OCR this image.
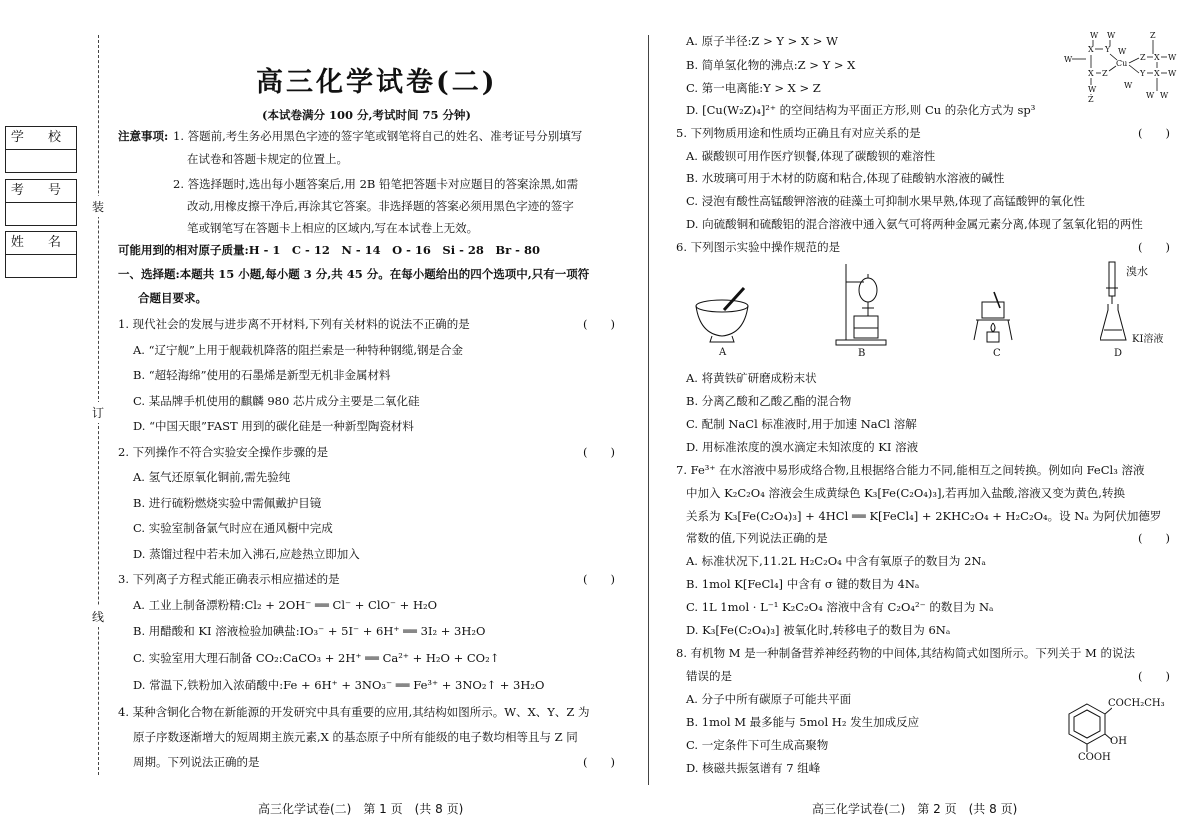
学 校
考 号
姓 名
装
订
线
高三化学试卷(二)
(本试卷满分 100 分,考试时间 75 分钟)
注意事项: 1. 答题前,考生务必用黑色字迹的签字笔或钢笔将自己的姓名、准考证号分别填写
在试卷和答题卡规定的位置上。
2. 答选择题时,选出每小题答案后,用 2B 铅笔把答题卡对应题目的答案涂黑,如需
改动,用橡皮擦干净后,再涂其它答案。非选择题的答案必须用黑色字迹的签字
笔或钢笔写在答题卡上相应的区域内,写在本试卷上无效。
可能用到的相对原子质量:H - 1　C - 12　N - 14　O - 16　Si - 28　Br - 80
一、选择题:本题共 15 小题,每小题 3 分,共 45 分。在每小题给出的四个选项中,只有一项符
合题目要求。
1. 现代社会的发展与进步离不开材料,下列有关材料的说法不正确的是	(　　)
A. “辽宁舰”上用于舰载机降落的阻拦索是一种特种钢缆,钢是合金
B. “超轻海绵”使用的石墨烯是新型无机非金属材料
C. 某品牌手机使用的麒麟 980 芯片成分主要是二氧化硅
D. “中国天眼”FAST 用到的碳化硅是一种新型陶瓷材料
2. 下列操作不符合实验安全操作步骤的是	(　　)
A. 氢气还原氧化铜前,需先验纯
B. 进行硫粉燃烧实验中需佩戴护目镜
C. 实验室制备氯气时应在通风橱中完成
D. 蒸馏过程中若未加入沸石,应趁热立即加入
3. 下列离子方程式能正确表示相应描述的是	(　　)
A. 工业上制备漂粉精:Cl₂ + 2OH⁻ ══ Cl⁻ + ClO⁻ + H₂O
B. 用醋酸和 KI 溶液检验加碘盐:IO₃⁻ + 5I⁻ + 6H⁺ ══ 3I₂ + 3H₂O
C. 实验室用大理石制备 CO₂:CaCO₃ + 2H⁺ ══ Ca²⁺ + H₂O + CO₂↑
D. 常温下,铁粉加入浓硝酸中:Fe + 6H⁺ + 3NO₃⁻ ══ Fe³⁺ + 3NO₂↑ + 3H₂O
4. 某种含铜化合物在新能源的开发研究中具有重要的应用,其结构如图所示。W、X、Y、Z 为
原子序数逐渐增大的短周期主族元素,X 的基态原子中所有能级的电子数均相等且与 Z 同
周期。下列说法正确的是	(　　)
高三化学试卷(二)　第 1 页　(共 8 页)
A. 原子半径:Z > Y > X > W
B. 简单氢化物的沸点:Z > Y > X
C. 第一电离能:Y > X > Z
D. [Cu(W₂Z)₄]²⁺ 的空间结构为平面正方形,则 Cu 的杂化方式为 sp³
W W	Z
W
X Y W
X Z
Cu
Z X W
Y X W
W	W
W W
Z
5. 下列物质用途和性质均正确且有对应关系的是	(　　)
A. 碳酸钡可用作医疗钡餐,体现了碳酸钡的难溶性
B. 水玻璃可用于木材的防腐和粘合,体现了硅酸钠水溶液的碱性
C. 浸泡有酸性高锰酸钾溶液的硅藻土可抑制水果早熟,体现了高锰酸钾的氧化性
D. 向硫酸铜和硫酸铝的混合溶液中通入氨气可将两种金属元素分离,体现了氢氧化铝的两性
6. 下列图示实验中操作规范的是	(　　)
A	B	C
溴水
KI溶液
D
A. 将黄铁矿研磨成粉末状
B. 分离乙酸和乙酸乙酯的混合物
C. 配制 NaCl 标准液时,用于加速 NaCl 溶解
D. 用标准浓度的溴水滴定未知浓度的 KI 溶液
7. Fe³⁺ 在水溶液中易形成络合物,且根据络合能力不同,能相互之间转换。例如向 FeCl₃ 溶液
中加入 K₂C₂O₄ 溶液会生成黄绿色 K₃[Fe(C₂O₄)₃],若再加入盐酸,溶液又变为黄色,转换
关系为 K₃[Fe(C₂O₄)₃] + 4HCl ══ K[FeCl₄] + 2KHC₂O₄ + H₂C₂O₄。设 Nₐ 为阿伏加德罗
常数的值,下列说法正确的是	(　　)
A. 标准状况下,11.2L H₂C₂O₄ 中含有氧原子的数目为 2Nₐ
B. 1mol K[FeCl₄] 中含有 σ 键的数目为 4Nₐ
C. 1L 1mol · L⁻¹ K₂C₂O₄ 溶液中含有 C₂O₄²⁻ 的数目为 Nₐ
D. K₃[Fe(C₂O₄)₃] 被氧化时,转移电子的数目为 6Nₐ
8. 有机物 M 是一种制备营养神经药物的中间体,其结构简式如图所示。下列关于 M 的说法
错误的是	(　　)
A. 分子中所有碳原子可能共平面
B. 1mol M 最多能与 5mol H₂ 发生加成反应
C. 一定条件下可生成高聚物
D. 核磁共振氢谱有 7 组峰
COCH₂CH₃
OH
COOH
高三化学试卷(二)　第 2 页　(共 8 页)
